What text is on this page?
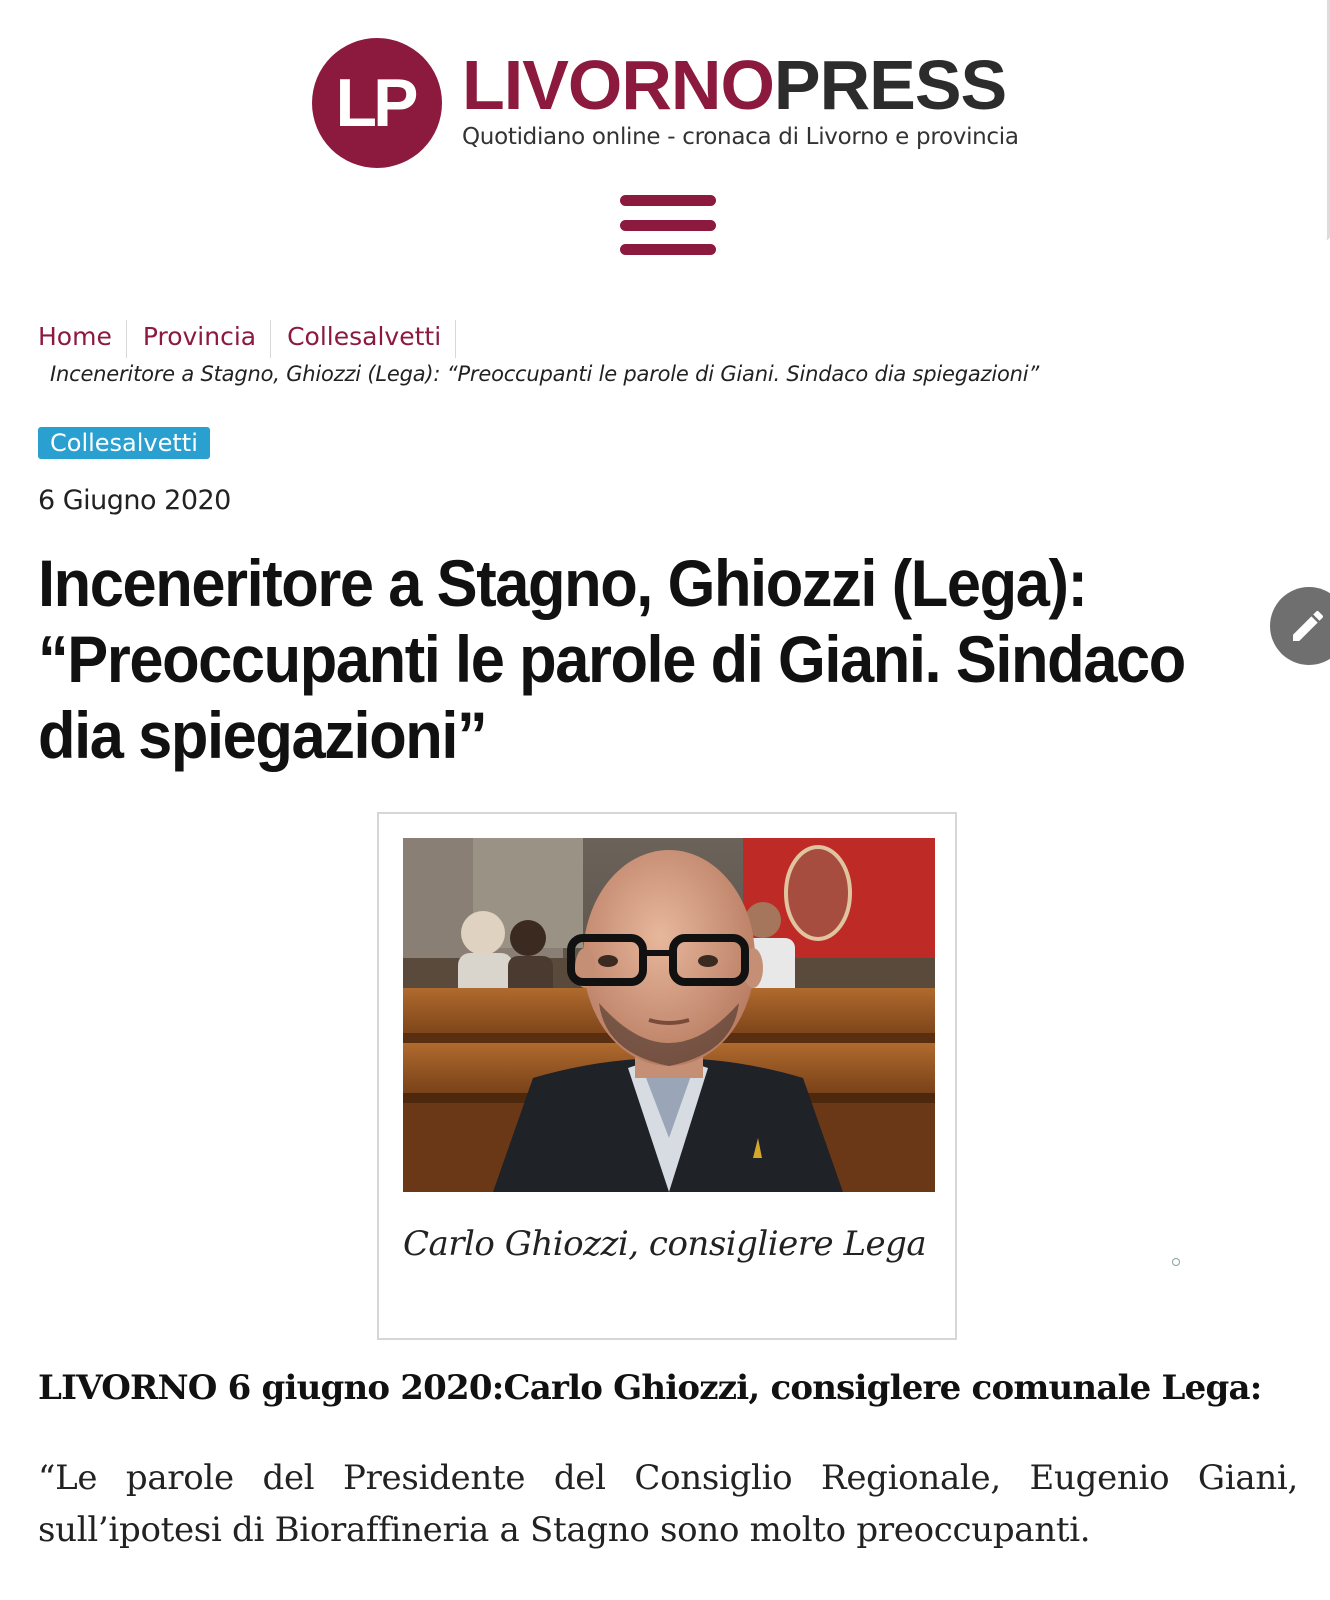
LP LIVORNOPRESS
Quotidiano online - cronaca di Livorno e provincia
Home	Provincia	Collesalvetti
Inceneritore a Stagno, Ghiozzi (Lega): “Preoccupanti le parole di Giani. Sindaco dia spiegazioni”
Collesalvetti
6 Giugno 2020
Inceneritore a Stagno, Ghiozzi (Lega): “Preoccupanti le parole di Giani. Sindaco dia spiegazioni”
Carlo Ghiozzi, consigliere Lega
LIVORNO 6 giugno 2020:Carlo Ghiozzi, consiglere comunale Lega:

“Le parole del Presidente del Consiglio Regionale, Eugenio Giani, sull’ipotesi di Bioraffineria a Stagno sono molto preoccupanti.
